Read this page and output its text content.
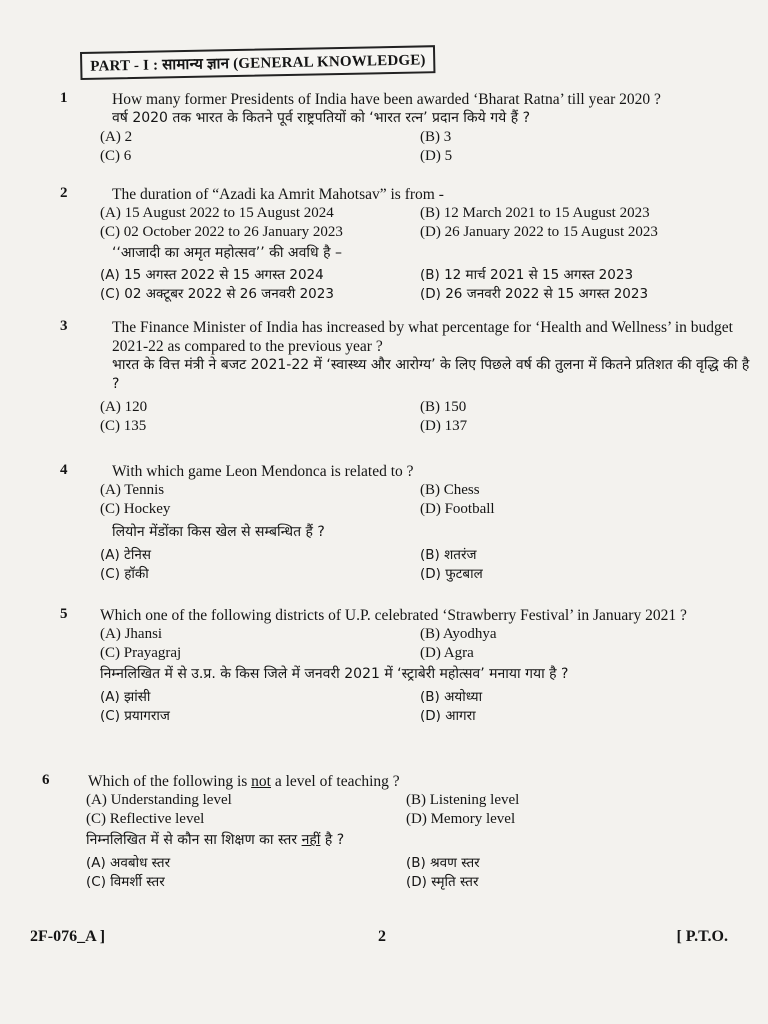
PART - I : सामान्य ज्ञान (GENERAL KNOWLEDGE)
1	How many former Presidents of India have been awarded ‘Bharat Ratna’ till year 2020 ?
वर्ष 2020 तक भारत के कितने पूर्व राष्ट्रपतियों को ‘भारत रत्न’ प्रदान किये गये हैं ?
(A) 2	(B) 3
(C) 6	(D) 5
2	The duration of “Azadi ka Amrit Mahotsav” is from -
(A) 15 August 2022 to 15 August 2024	(B) 12 March 2021 to 15 August 2023
(C) 02 October 2022 to 26 January 2023	(D) 26 January 2022 to 15 August 2023
‘‘आजादी का अमृत महोत्सव’’ की अवधि है –
(A) 15 अगस्त 2022 से 15 अगस्त 2024	(B) 12 मार्च 2021 से 15 अगस्त 2023
(C) 02 अक्टूबर 2022 से 26 जनवरी 2023	(D) 26 जनवरी 2022 से 15 अगस्त 2023
3	The Finance Minister of India has increased by what percentage for ‘Health and Wellness’ in budget 2021-22 as compared to the previous year ?
भारत के वित्त मंत्री ने बजट 2021-22 में ‘स्वास्थ्य और आरोग्य’ के लिए पिछले वर्ष की तुलना में कितने प्रतिशत की वृद्धि की है ?
(A) 120	(B) 150
(C) 135	(D) 137
4	With which game Leon Mendonca is related to ?
(A) Tennis	(B) Chess
(C) Hockey	(D) Football
लियोन मेंडोंका किस खेल से सम्बन्धित हैं ?
(A) टेनिस	(B) शतरंज
(C) हॉकी	(D) फुटबाल
5	Which one of the following districts of U.P. celebrated ‘Strawberry Festival’ in January 2021 ?
(A) Jhansi	(B) Ayodhya
(C) Prayagraj	(D) Agra
निम्नलिखित में से उ.प्र. के किस जिले में जनवरी 2021 में ‘स्ट्राबेरी महोत्सव’ मनाया गया है ?
(A) झांसी	(B) अयोध्या
(C) प्रयागराज	(D) आगरा
6	Which of the following is not a level of teaching ?
(A) Understanding level	(B) Listening level
(C) Reflective level	(D) Memory level
निम्नलिखित में से कौन सा शिक्षण का स्तर नहीं है ?
(A) अवबोध स्तर	(B) श्रवण स्तर
(C) विमर्शी स्तर	(D) स्मृति स्तर
2F-076_A ]	2	[ P.T.O.
